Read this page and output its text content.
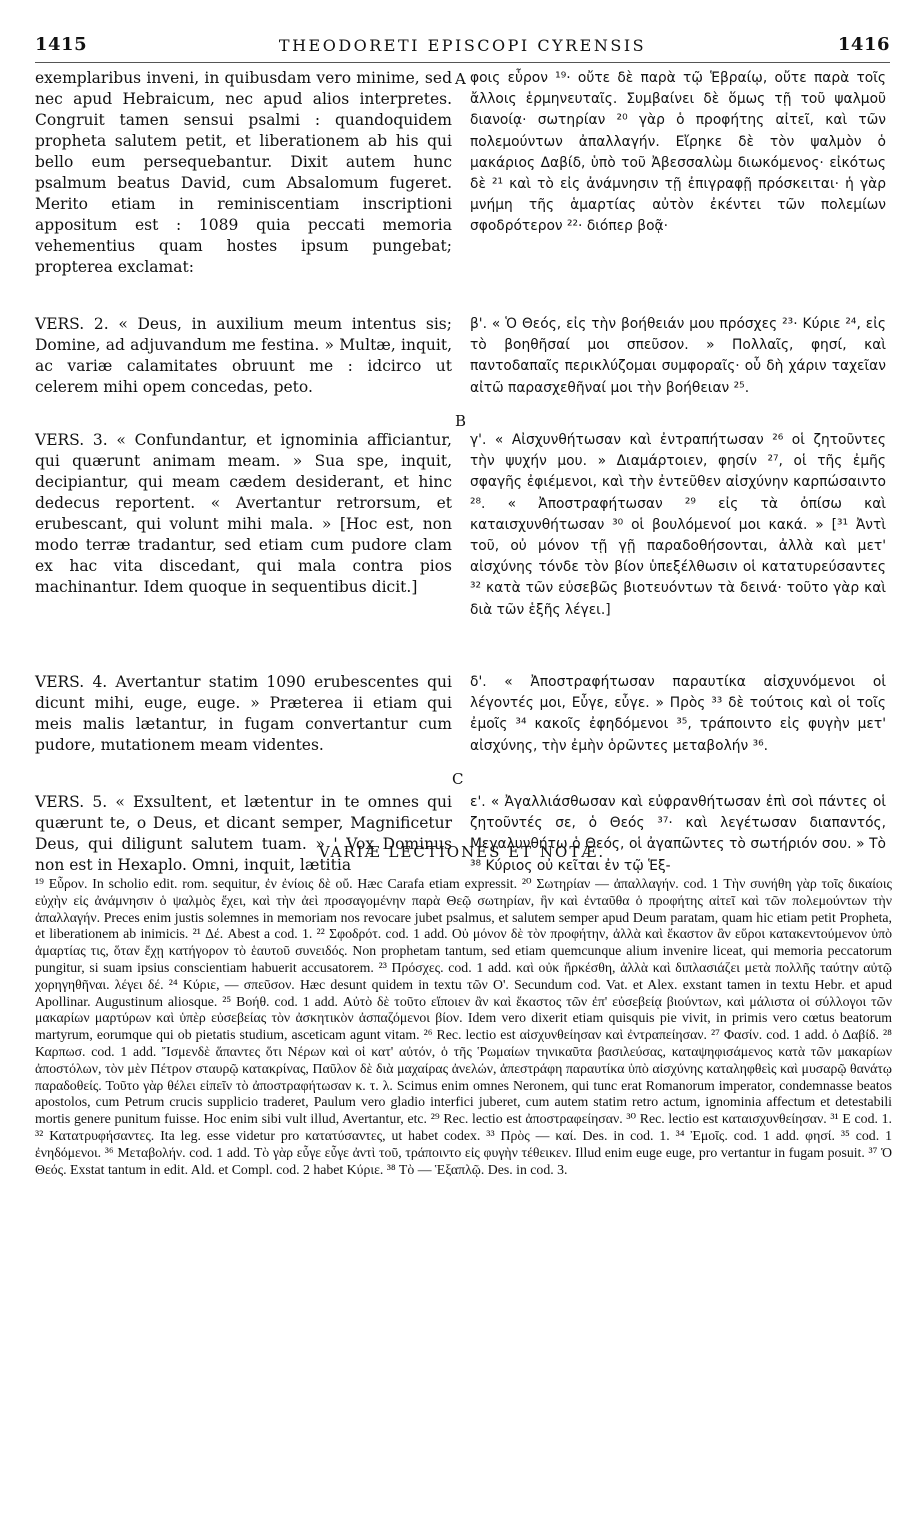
1415	THEODORETI EPISCOPI CYRENSIS	1416

exemplaribus inveni, in quibusdam vero minime, sed nec apud Hebraicum, nec apud alios interpretes. Congruit tamen sensui psalmi : quandoquidem propheta salutem petit, et liberationem ab his qui bello eum persequebantur. Dixit autem hunc psalmum beatus David, cum Absalomum fugeret. Merito etiam in reminiscentiam inscriptioni appositum est : 1089 quia peccati memoria vehementius quam hostes ipsum pungebat; propterea exclamat:

VERS. 2. « Deus, in auxilium meum intentus sis; Domine, ad adjuvandum me festina. » Multæ, inquit, ac variæ calamitates obruunt me : idcirco ut celerem mihi opem concedas, peto.

VERS. 3. « Confundantur, et ignominia afficiantur, qui quærunt animam meam. » Sua spe, inquit, decipiantur, qui meam cædem desiderant, et hinc dedecus reportent. « Avertantur retrorsum, et erubescant, qui volunt mihi mala. » [Hoc est, non modo terræ tradantur, sed etiam cum pudore clam ex hac vita discedant, qui mala contra pios machinantur. Idem quoque in sequentibus dicit.]

VERS. 4. Avertantur statim 1090 erubescentes qui dicunt mihi, euge, euge. » Præterea ii etiam qui meis malis lætantur, in fugam convertantur cum pudore, mutationem meam videntes.

VERS. 5. « Exsultent, et lætentur in te omnes qui quærunt te, o Deus, et dicant semper, Magnificetur Deus, qui diligunt salutem tuam. » ' Vox Dominus non est in Hexaplo. Omni, inquit, lætitia

A
B
C

φοις εὗρον ¹⁹· οὔτε δὲ παρὰ τῷ Ἑβραίῳ, οὔτε παρὰ τοῖς ἄλλοις ἑρμηνευταῖς. Συμβαίνει δὲ ὅμως τῇ τοῦ ψαλμοῦ διανοίᾳ· σωτηρίαν ²⁰ γὰρ ὁ προφήτης αἰτεῖ, καὶ τῶν πολεμούντων ἀπαλλαγήν. Εἴρηκε δὲ τὸν ψαλμὸν ὁ μακάριος Δαβίδ, ὑπὸ τοῦ Ἀβεσσαλὼμ διωκόμενος· εἰκότως δὲ ²¹ καὶ τὸ εἰς ἀνάμνησιν τῇ ἐπιγραφῇ πρόσκειται· ἡ γὰρ μνήμη τῆς ἁμαρτίας αὐτὸν ἐκέντει τῶν πολεμίων σφοδρότερον ²²· διόπερ βοᾷ·

β'. « Ὁ Θεός, εἰς τὴν βοήθειάν μου πρόσχες ²³· Κύριε ²⁴, εἰς τὸ βοηθῆσαί μοι σπεῦσον. » Πολλαῖς, φησί, καὶ παντοδαπαῖς περικλύζομαι συμφοραῖς· οὗ δὴ χάριν ταχεῖαν αἰτῶ παρασχεθῆναί μοι τὴν βοήθειαν ²⁵.

γ'. « Αἰσχυνθήτωσαν καὶ ἐντραπήτωσαν ²⁶ οἱ ζητοῦντες τὴν ψυχήν μου. » Διαμάρτοιεν, φησίν ²⁷, οἱ τῆς ἐμῆς σφαγῆς ἐφιέμενοι, καὶ τὴν ἐντεῦθεν αἰσχύνην καρπώσαιντο ²⁸. « Ἀποστραφήτωσαν ²⁹ εἰς τὰ ὀπίσω καὶ καταισχυνθήτωσαν ³⁰ οἱ βουλόμενοί μοι κακά. » [³¹ Ἀντὶ τοῦ, οὐ μόνον τῇ γῇ παραδοθήσονται, ἀλλὰ καὶ μετ' αἰσχύνης τόνδε τὸν βίον ὑπεξέλθωσιν οἱ κατατυρεύσαντες ³² κατὰ τῶν εὐσεβῶς βιοτευόντων τὰ δεινά· τοῦτο γὰρ καὶ διὰ τῶν ἑξῆς λέγει.]

δ'. « Ἀποστραφήτωσαν παραυτίκα αἰσχυνόμενοι οἱ λέγοντές μοι, Εὖγε, εὖγε. » Πρὸς ³³ δὲ τούτοις καὶ οἱ τοῖς ἐμοῖς ³⁴ κακοῖς ἐφηδόμενοι ³⁵, τράποιντο εἰς φυγὴν μετ' αἰσχύνης, τὴν ἐμὴν ὁρῶντες μεταβολήν ³⁶.

ε'. « Ἀγαλλιάσθωσαν καὶ εὐφρανθήτωσαν ἐπὶ σοὶ πάντες οἱ ζητοῦντές σε, ὁ Θεός ³⁷· καὶ λεγέτωσαν διαπαντός, Μεγαλυνθήτω ὁ Θεός, οἱ ἀγαπῶντες τὸ σωτήριόν σου. » Τὸ ³⁸ Κύριος οὐ κεῖται ἐν τῷ Ἑξ-

VARIÆ LECTIONES ET NOTÆ.

¹⁹ Εὗρον. In scholio edit. rom. sequitur, ἐν ἐνίοις δὲ οὔ. Hæc Carafa etiam expressit. ²⁰ Σωτηρίαν — ἀπαλλαγήν. cod. 1 Τὴν συνήθη γὰρ τοῖς δικαίοις εὐχὴν εἰς ἀνάμνησιν ὁ ψαλμὸς ἔχει, καὶ τὴν ἀεὶ προσαγομένην παρὰ Θεῷ σωτηρίαν, ἣν καὶ ἐνταῦθα ὁ προφήτης αἰτεῖ καὶ τῶν πολεμούντων τὴν ἀπαλλαγήν. Preces enim justis solemnes in memoriam nos revocare jubet psalmus, et salutem semper apud Deum paratam, quam hic etiam petit Propheta, et liberationem ab inimicis. ²¹ Δέ. Abest a cod. 1. ²² Σφοδρότ. cod. 1 add. Οὐ μόνον δὲ τὸν προφήτην, ἀλλὰ καὶ ἕκαστον ἂν εὕροι κατακεντούμενον ὑπὸ ἁμαρτίας τις, ὅταν ἔχῃ κατήγορον τὸ ἑαυτοῦ συνειδός. Non prophetam tantum, sed etiam quemcunque alium invenire liceat, qui memoria peccatorum pungitur, si suam ipsius conscientiam habuerit accusatorem. ²³ Πρόσχες. cod. 1 add. καὶ οὐκ ἤρκέσθη, ἀλλὰ καὶ διπλασιάζει μετὰ πολλῆς ταύτην αὐτῷ χορηγηθῆναι. λέγει δέ. ²⁴ Κύριε, — σπεῦσον. Hæc desunt quidem in textu τῶν Ο'. Secundum cod. Vat. et Alex. exstant tamen in textu Hebr. et apud Apollinar. Augustinum aliosque. ²⁵ Βοήθ. cod. 1 add. Αὐτὸ δὲ τοῦτο εἴποιεν ἂν καὶ ἕκαστος τῶν ἐπ' εὐσεβείᾳ βιούντων, καὶ μάλιστα οἱ σύλλογοι τῶν μακαρίων μαρτύρων καὶ ὑπὲρ εὐσεβείας τὸν ἀσκητικὸν ἀσπαζόμενοι βίον. Idem vero dixerit etiam quisquis pie vivit, in primis vero cœtus beatorum martyrum, eorumque qui ob pietatis studium, asceticam agunt vitam. ²⁶ Rec. lectio est αἰσχυνθείησαν καὶ ἐντραπείησαν. ²⁷ Φασίν. cod. 1 add. ὁ Δαβίδ. ²⁸ Καρπωσ. cod. 1 add. Ἴσμενδὲ ἅπαντες ὅτι Νέρων καὶ οἱ κατ' αὐτόν, ὁ τῆς Ῥωμαίων τηνικαῦτα βασιλεύσας, καταψηφισάμενος κατὰ τῶν μακαρίων ἀποστόλων, τὸν μὲν Πέτρον σταυρῷ κατακρίνας, Παῦλον δὲ διὰ μαχαίρας ἀνελών, ἀπεστράφη παραυτίκα ὑπὸ αἰσχύνης καταληφθεὶς καὶ μυσαρῷ θανάτῳ παραδοθείς. Τοῦτο γὰρ θέλει εἰπεῖν τὸ ἀποστραφήτωσαν κ. τ. λ. Scimus enim omnes Neronem, qui tunc erat Romanorum imperator, condemnasse beatos apostolos, cum Petrum crucis supplicio traderet, Paulum vero gladio interfici juberet, cum autem statim retro actum, ignominia affectum et detestabili mortis genere punitum fuisse. Hoc enim sibi vult illud, Avertantur, etc. ²⁹ Rec. lectio est ἀποστραφείησαν. ³⁰ Rec. lectio est καταισχυνθείησαν. ³¹ E cod. 1. ³² Κατατρυφήσαντες. Ita leg. esse videtur pro κατατύσαντες, ut habet codex. ³³ Πρὸς — καί. Des. in cod. 1. ³⁴ Ἐμοῖς. cod. 1 add. φησί. ³⁵ cod. 1 ἐνηδόμενοι. ³⁶ Μεταβολήν. cod. 1 add. Τὸ γὰρ εὖγε εὖγε ἀντὶ τοῦ, τράποιντο εἰς φυγὴν τέθεικεν. Illud enim euge euge, pro vertantur in fugam posuit. ³⁷ Ὁ Θεός. Exstat tantum in edit. Ald. et Compl. cod. 2 habet Κύριε. ³⁸ Τὸ — Ἑξαπλῷ. Des. in cod. 3.
